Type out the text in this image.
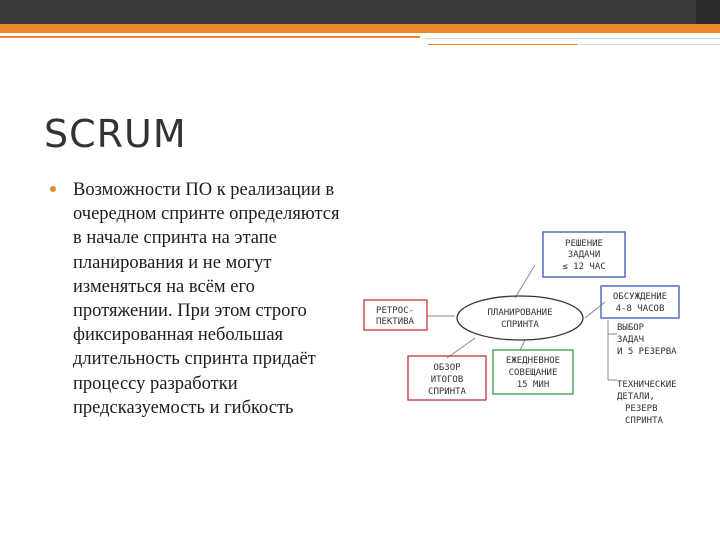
SCRUM
Возможности ПО к реализации в очередном спринте определяются в начале спринта на этапе планирования и не могут изменяться на всём его протяжении. При этом строго фиксированная небольшая длительность спринта придаёт процессу разработки предсказуемость и гибкость
РЕТРОС-
ПЕКТИВА
РЕШЕНИЕ
ЗАДАЧИ
≤ 12 ЧАС
ПЛАНИРОВАНИЕ
СПРИНТА
ОБСУЖДЕНИЕ
4-8 ЧАСОВ
ОБЗОР
ИТОГОВ
СПРИНТА
ЕЖЕДНЕВНОЕ
СОВЕЩАНИЕ
15 МИН
ВЫБОР
ЗАДАЧ
И 5 РЕЗЕРВА
ТЕХНИЧЕСКИЕ
ДЕТАЛИ,
РЕЗЕРВ
СПРИНТА
